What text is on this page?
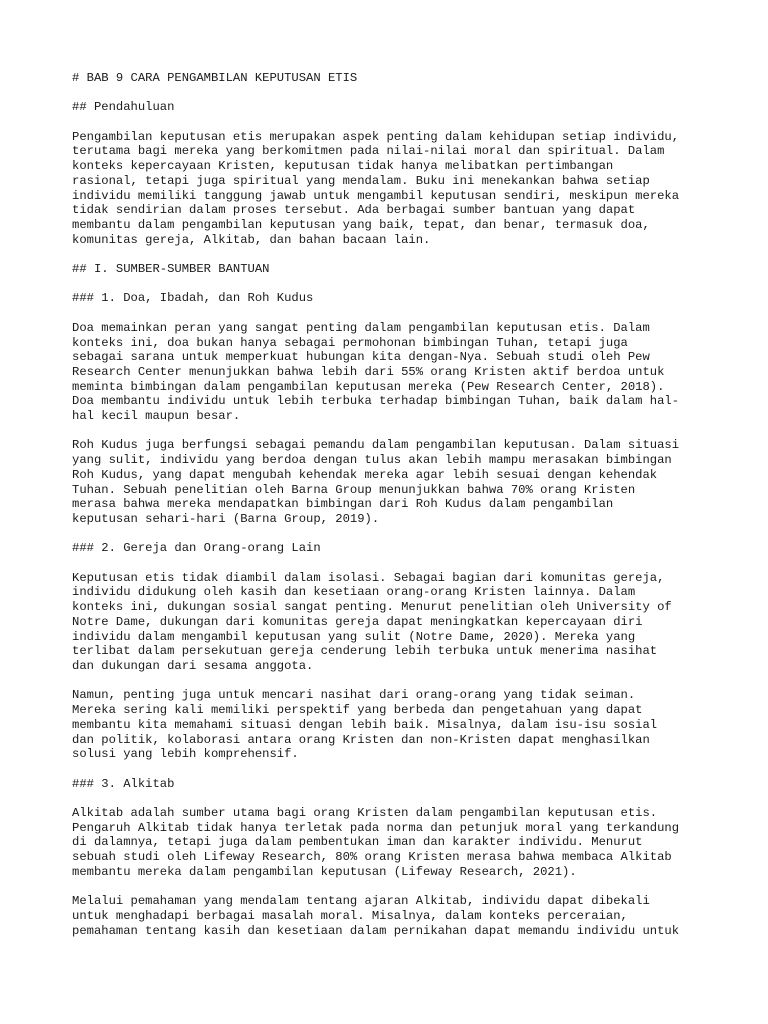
# BAB 9 CARA PENGAMBILAN KEPUTUSAN ETIS
## Pendahuluan
Pengambilan keputusan etis merupakan aspek penting dalam kehidupan setiap individu,
terutama bagi mereka yang berkomitmen pada nilai-nilai moral dan spiritual. Dalam
konteks kepercayaan Kristen, keputusan tidak hanya melibatkan pertimbangan
rasional, tetapi juga spiritual yang mendalam. Buku ini menekankan bahwa setiap
individu memiliki tanggung jawab untuk mengambil keputusan sendiri, meskipun mereka
tidak sendirian dalam proses tersebut. Ada berbagai sumber bantuan yang dapat
membantu dalam pengambilan keputusan yang baik, tepat, dan benar, termasuk doa,
komunitas gereja, Alkitab, dan bahan bacaan lain.
## I. SUMBER-SUMBER BANTUAN
### 1. Doa, Ibadah, dan Roh Kudus
Doa memainkan peran yang sangat penting dalam pengambilan keputusan etis. Dalam
konteks ini, doa bukan hanya sebagai permohonan bimbingan Tuhan, tetapi juga
sebagai sarana untuk memperkuat hubungan kita dengan-Nya. Sebuah studi oleh Pew
Research Center menunjukkan bahwa lebih dari 55% orang Kristen aktif berdoa untuk
meminta bimbingan dalam pengambilan keputusan mereka (Pew Research Center, 2018).
Doa membantu individu untuk lebih terbuka terhadap bimbingan Tuhan, baik dalam hal-
hal kecil maupun besar.
Roh Kudus juga berfungsi sebagai pemandu dalam pengambilan keputusan. Dalam situasi
yang sulit, individu yang berdoa dengan tulus akan lebih mampu merasakan bimbingan
Roh Kudus, yang dapat mengubah kehendak mereka agar lebih sesuai dengan kehendak
Tuhan. Sebuah penelitian oleh Barna Group menunjukkan bahwa 70% orang Kristen
merasa bahwa mereka mendapatkan bimbingan dari Roh Kudus dalam pengambilan
keputusan sehari-hari (Barna Group, 2019).
### 2. Gereja dan Orang-orang Lain
Keputusan etis tidak diambil dalam isolasi. Sebagai bagian dari komunitas gereja,
individu didukung oleh kasih dan kesetiaan orang-orang Kristen lainnya. Dalam
konteks ini, dukungan sosial sangat penting. Menurut penelitian oleh University of
Notre Dame, dukungan dari komunitas gereja dapat meningkatkan kepercayaan diri
individu dalam mengambil keputusan yang sulit (Notre Dame, 2020). Mereka yang
terlibat dalam persekutuan gereja cenderung lebih terbuka untuk menerima nasihat
dan dukungan dari sesama anggota.
Namun, penting juga untuk mencari nasihat dari orang-orang yang tidak seiman.
Mereka sering kali memiliki perspektif yang berbeda dan pengetahuan yang dapat
membantu kita memahami situasi dengan lebih baik. Misalnya, dalam isu-isu sosial
dan politik, kolaborasi antara orang Kristen dan non-Kristen dapat menghasilkan
solusi yang lebih komprehensif.
### 3. Alkitab
Alkitab adalah sumber utama bagi orang Kristen dalam pengambilan keputusan etis.
Pengaruh Alkitab tidak hanya terletak pada norma dan petunjuk moral yang terkandung
di dalamnya, tetapi juga dalam pembentukan iman dan karakter individu. Menurut
sebuah studi oleh Lifeway Research, 80% orang Kristen merasa bahwa membaca Alkitab
membantu mereka dalam pengambilan keputusan (Lifeway Research, 2021).
Melalui pemahaman yang mendalam tentang ajaran Alkitab, individu dapat dibekali
untuk menghadapi berbagai masalah moral. Misalnya, dalam konteks perceraian,
pemahaman tentang kasih dan kesetiaan dalam pernikahan dapat memandu individu untuk
